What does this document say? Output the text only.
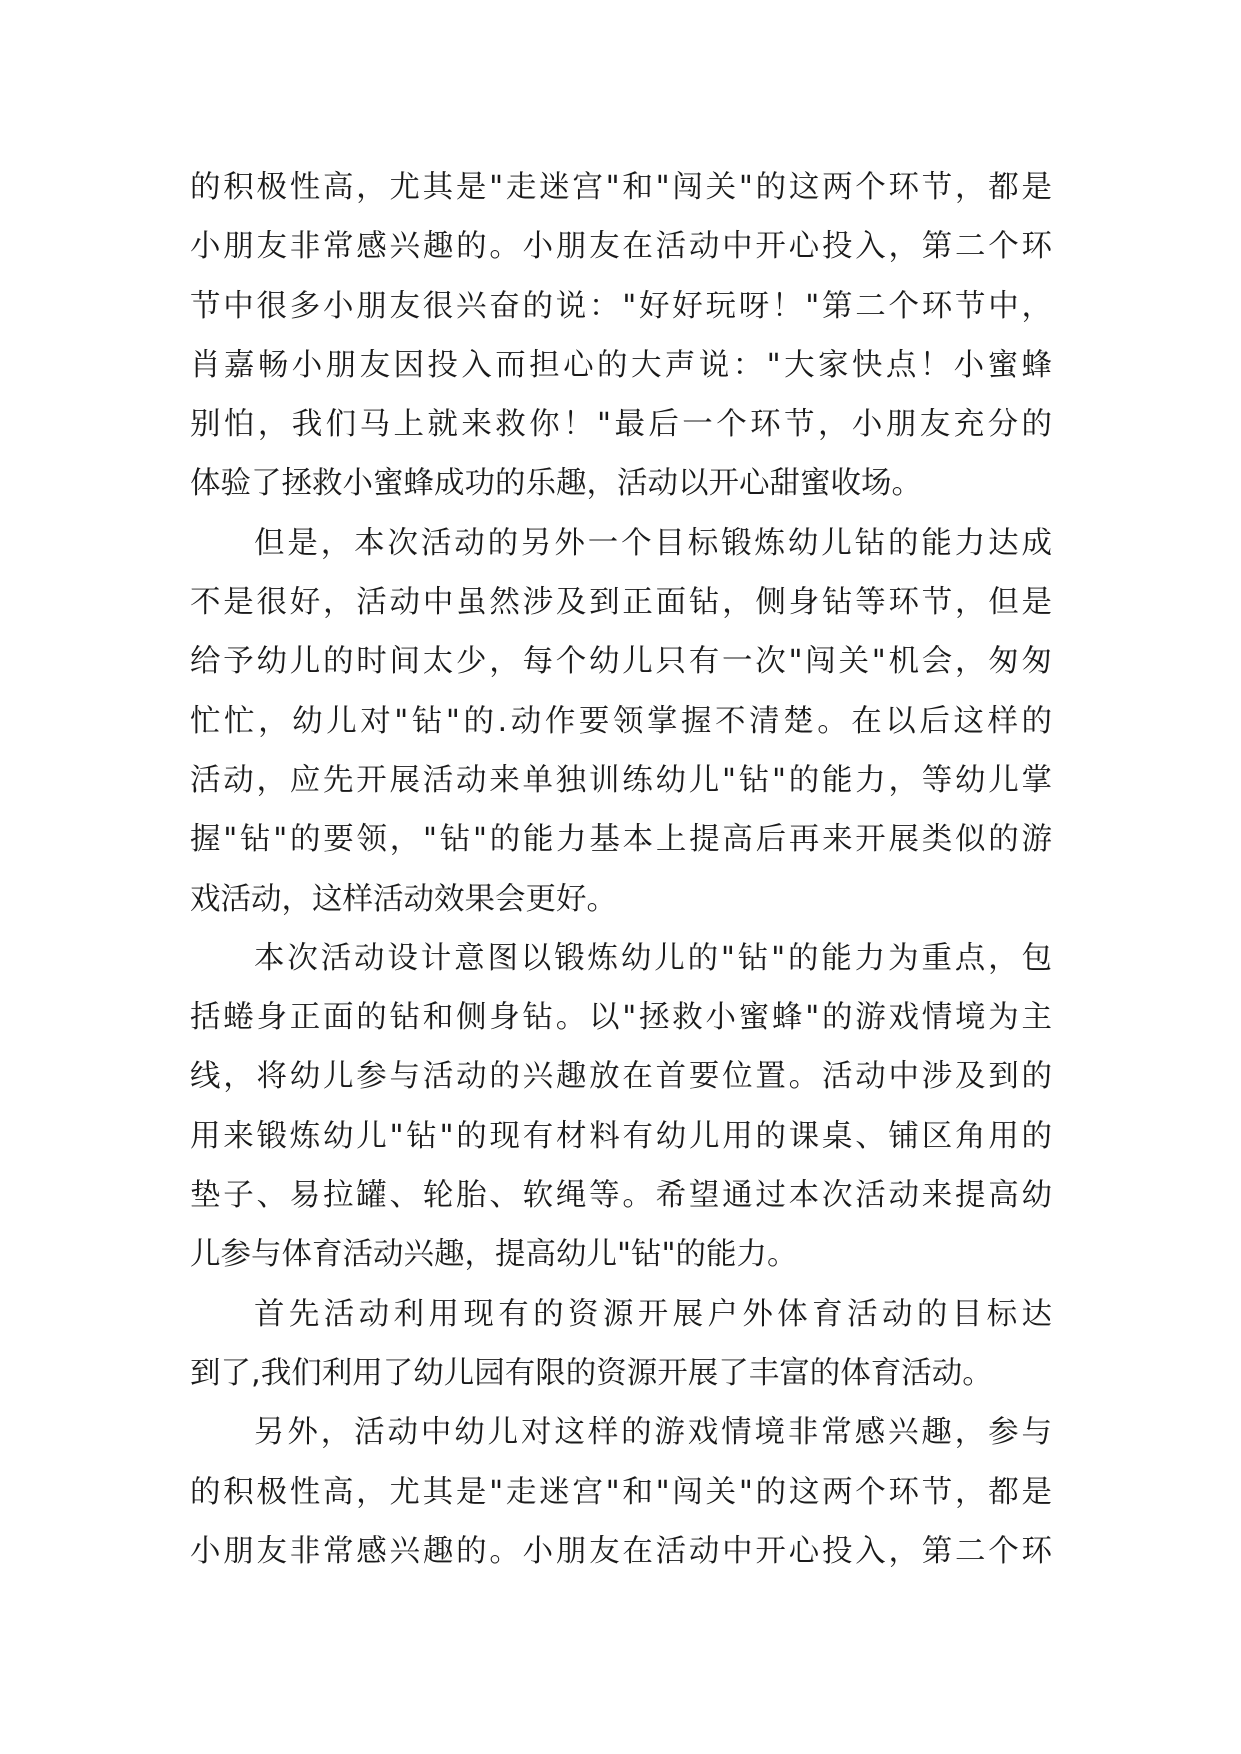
的积极性高，尤其是"走迷宫"和"闯关"的这两个环节，都是
小朋友非常感兴趣的。小朋友在活动中开心投入，第二个环
节中很多小朋友很兴奋的说："好好玩呀！"第二个环节中，
肖嘉畅小朋友因投入而担心的大声说："大家快点！小蜜蜂
别怕，我们马上就来救你！"最后一个环节，小朋友充分的
体验了拯救小蜜蜂成功的乐趣，活动以开心甜蜜收场。
但是，本次活动的另外一个目标锻炼幼儿钻的能力达成
不是很好，活动中虽然涉及到正面钻，侧身钻等环节，但是
给予幼儿的时间太少，每个幼儿只有一次"闯关"机会，匆匆
忙忙，幼儿对"钻"的.动作要领掌握不清楚。在以后这样的
活动，应先开展活动来单独训练幼儿"钻"的能力，等幼儿掌
握"钻"的要领，"钻"的能力基本上提高后再来开展类似的游
戏活动，这样活动效果会更好。
本次活动设计意图以锻炼幼儿的"钻"的能力为重点，包
括蜷身正面的钻和侧身钻。以"拯救小蜜蜂"的游戏情境为主
线，将幼儿参与活动的兴趣放在首要位置。活动中涉及到的
用来锻炼幼儿"钻"的现有材料有幼儿用的课桌、铺区角用的
垫子、易拉罐、轮胎、软绳等。希望通过本次活动来提高幼
儿参与体育活动兴趣，提高幼儿"钻"的能力。
首先活动利用现有的资源开展户外体育活动的目标达
到了,我们利用了幼儿园有限的资源开展了丰富的体育活动。
另外，活动中幼儿对这样的游戏情境非常感兴趣，参与
的积极性高，尤其是"走迷宫"和"闯关"的这两个环节，都是
小朋友非常感兴趣的。小朋友在活动中开心投入，第二个环
